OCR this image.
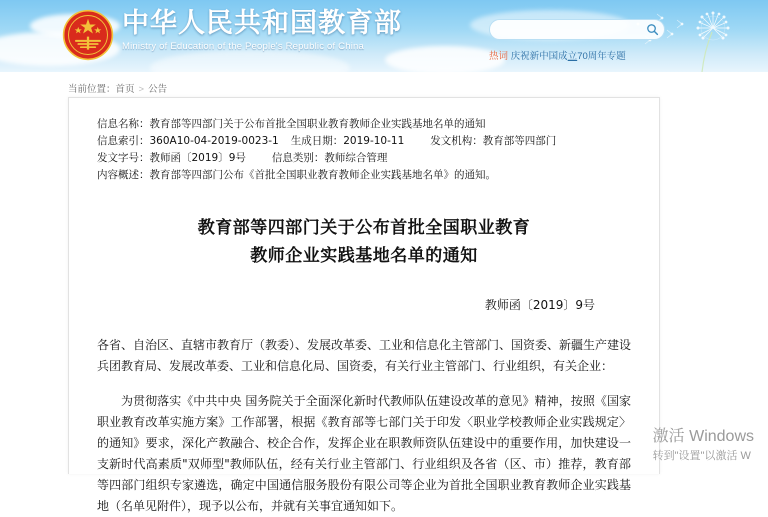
中华人民共和国教育部
Ministry of Education of the People's Republic of China
热词 庆祝新中国成立70周年专题
当前位置：首页 > 公告
信息名称：教育部等四部门关于公布首批全国职业教育教师企业实践基地名单的通知
信息索引：360A10-04-2019-0023-1 生成日期：2019-10-11 发文机构：教育部等四部门
发文字号：教师函〔2019〕9号 信息类别：教师综合管理
内容概述：教育部等四部门公布《首批全国职业教育教师企业实践基地名单》的通知。
教育部等四部门关于公布首批全国职业教育
教师企业实践基地名单的通知
教师函〔2019〕9号

各省、自治区、直辖市教育厅（教委）、发展改革委、工业和信息化主管部门、国资委、新疆生产建设兵团教育局、发展改革委、工业和信息化局、国资委，有关行业主管部门、行业组织，有关企业：

为贯彻落实《中共中央 国务院关于全面深化新时代教师队伍建设改革的意见》精神，按照《国家职业教育改革实施方案》工作部署，根据《教育部等七部门关于印发〈职业学校教师企业实践规定〉的通知》要求，深化产教融合、校企合作，发挥企业在职教师资队伍建设中的重要作用，加快建设一支新时代高素质"双师型"教师队伍，经有关行业主管部门、行业组织及各省（区、市）推荐，教育部等四部门组织专家遴选，确定中国通信服务股份有限公司等企业为首批全国职业教育教师企业实践基地（名单见附件），现予以公布，并就有关事宜通知如下。

激活 Windows
转到"设置"以激活 W
